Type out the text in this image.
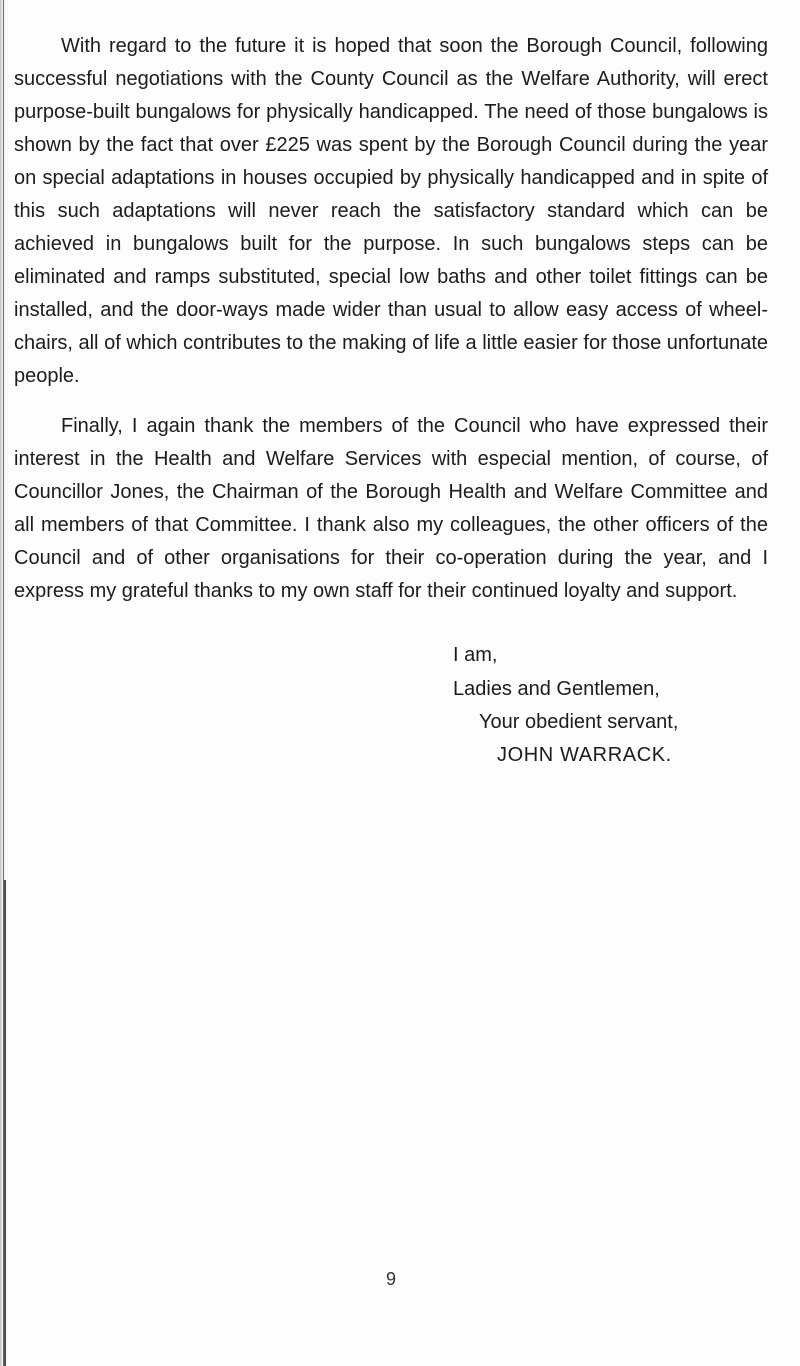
With regard to the future it is hoped that soon the Borough Council, following successful negotiations with the County Council as the Welfare Authority, will erect purpose-built bungalows for physically handicapped. The need of those bungalows is shown by the fact that over £225 was spent by the Borough Council during the year on special adaptations in houses occupied by physically handicapped and in spite of this such adaptations will never reach the satisfactory standard which can be achieved in bungalows built for the purpose. In such bungalows steps can be eliminated and ramps substituted, special low baths and other toilet fittings can be installed, and the door-ways made wider than usual to allow easy access of wheel-chairs, all of which contributes to the making of life a little easier for those unfortunate people.

Finally, I again thank the members of the Council who have expressed their interest in the Health and Welfare Services with especial mention, of course, of Councillor Jones, the Chairman of the Borough Health and Welfare Committee and all members of that Committee. I thank also my colleagues, the other officers of the Council and of other organisations for their co-operation during the year, and I express my grateful thanks to my own staff for their continued loyalty and support.

I am,
Ladies and Gentlemen,
Your obedient servant,
JOHN WARRACK.
9
